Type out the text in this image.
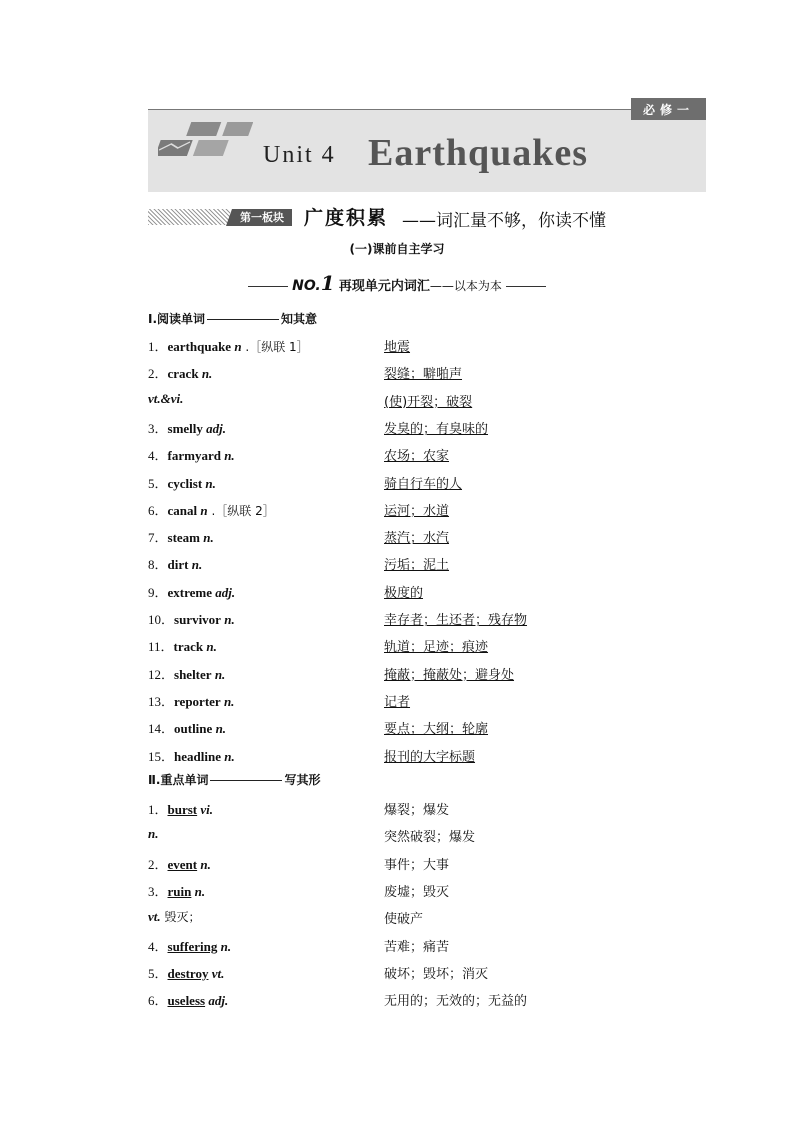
必修一
Unit 4 Earthquakes
第一板块	广度积累 ——词汇量不够，你读不懂
(一)课前自主学习
NO.1 再现单元内词汇——以本为本
Ⅰ.阅读单词	知其意
1．earthquake n .［纵联 1］	地震
2．crack n.	裂缝；噼啪声
vt.&vi.	(使)开裂；破裂
3．smelly adj.	发臭的；有臭味的
4．farmyard n.	农场；农家
5．cyclist n.	骑自行车的人
6．canal n .［纵联 2］	运河；水道
7．steam n.	蒸汽；水汽
8．dirt n.	污垢；泥土
9．extreme adj.	极度的
10．survivor n.	幸存者；生还者；残存物
11．track n.	轨道；足迹；痕迹
12．shelter n.	掩蔽；掩蔽处；避身处
13．reporter n.	记者
14．outline n.	要点；大纲；轮廓
15．headline n.	报刊的大字标题
Ⅱ.重点单词	写其形
1．burst vi.	爆裂；爆发
n.	突然破裂；爆发
2．event n.	事件；大事
3．ruin n.	废墟；毁灭
vt. 毁灭；	使破产
4．suffering n.	苦难；痛苦
5．destroy vt.	破坏；毁坏；消灭
6．useless adj.	无用的；无效的；无益的
